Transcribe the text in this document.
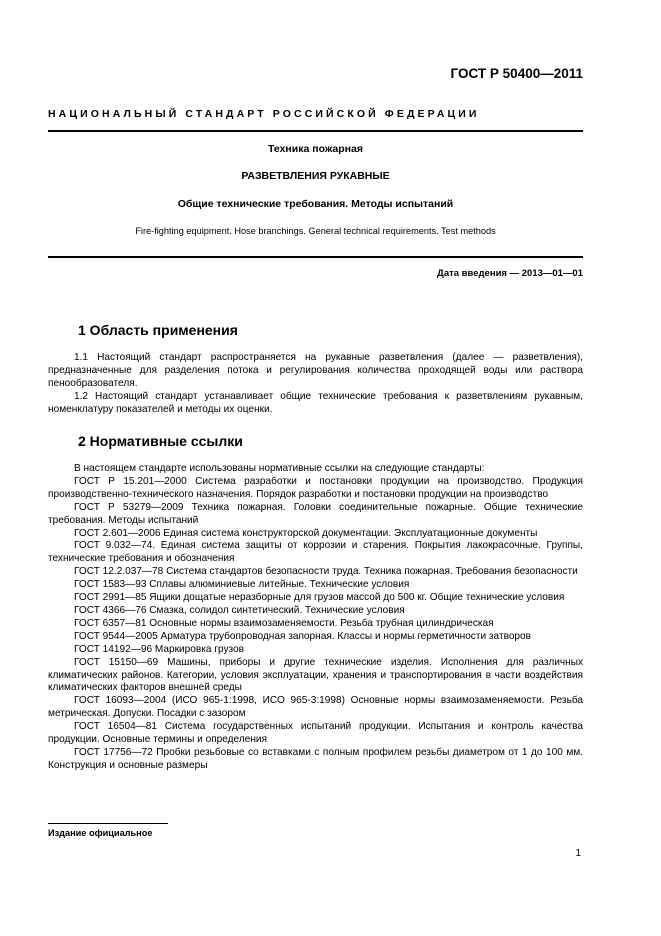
ГОСТ Р 50400—2011
НАЦИОНАЛЬНЫЙ СТАНДАРТ РОССИЙСКОЙ ФЕДЕРАЦИИ
Техника пожарная
РАЗВЕТВЛЕНИЯ РУКАВНЫЕ
Общие технические требования. Методы испытаний
Fire-fighting equipment. Hose branchings. General technical requirements. Test methods
Дата введения — 2013—01—01
1 Область применения

1.1 Настоящий стандарт распространяется на рукавные разветвления (далее — разветвления), предназначенные для разделения потока и регулирования количества проходящей воды или раствора пенообразователя.

1.2 Настоящий стандарт устанавливает общие технические требования к разветвлениям рукавным, номенклатуру показателей и методы их оценки.

2 Нормативные ссылки

В настоящем стандарте использованы нормативные ссылки на следующие стандарты:

ГОСТ Р 15.201—2000 Система разработки и постановки продукции на производство. Продукция производственно-технического назначения. Порядок разработки и постановки продукции на производство

ГОСТ Р 53279—2009 Техника пожарная. Головки соединительные пожарные. Общие технические требования. Методы испытаний

ГОСТ 2.601—2006 Единая система конструкторской документации. Эксплуатационные документы

ГОСТ 9.032—74. Единая система защиты от коррозии и старения. Покрытия лакокрасочные. Группы, технические требования и обозначения

ГОСТ 12.2.037—78 Система стандартов безопасности труда. Техника пожарная. Требования безопасности

ГОСТ 1583—93 Сплавы алюминиевые литейные. Технические условия

ГОСТ 2991—85 Ящики дощатые неразборные для грузов массой до 500 кг. Общие технические условия

ГОСТ 4366—76 Смазка, солидол синтетический. Технические условия

ГОСТ 6357—81 Основные нормы взаимозаменяемости. Резьба трубная цилиндрическая

ГОСТ 9544—2005 Арматура трубопроводная запорная. Классы и нормы герметичности затворов

ГОСТ 14192—96 Маркировка грузов

ГОСТ 15150—69 Машины, приборы и другие технические изделия. Исполнения для различных климатических районов. Категории, условия эксплуатации, хранения и транспортирования в части воздействия климатических факторов внешней среды

ГОСТ 16093—2004 (ИСО 965-1:1998, ИСО 965-3:1998) Основные нормы взаимозаменяемости. Резьба метрическая. Допуски. Посадки с зазором

ГОСТ 16504—81 Система государственных испытаний продукции. Испытания и контроль качества продукции. Основные термины и определения

ГОСТ 17756—72 Пробки резьбовые со вставками с полным профилем резьбы диаметром от 1 до 100 мм. Конструкция и основные размеры

Издание официальное
1
